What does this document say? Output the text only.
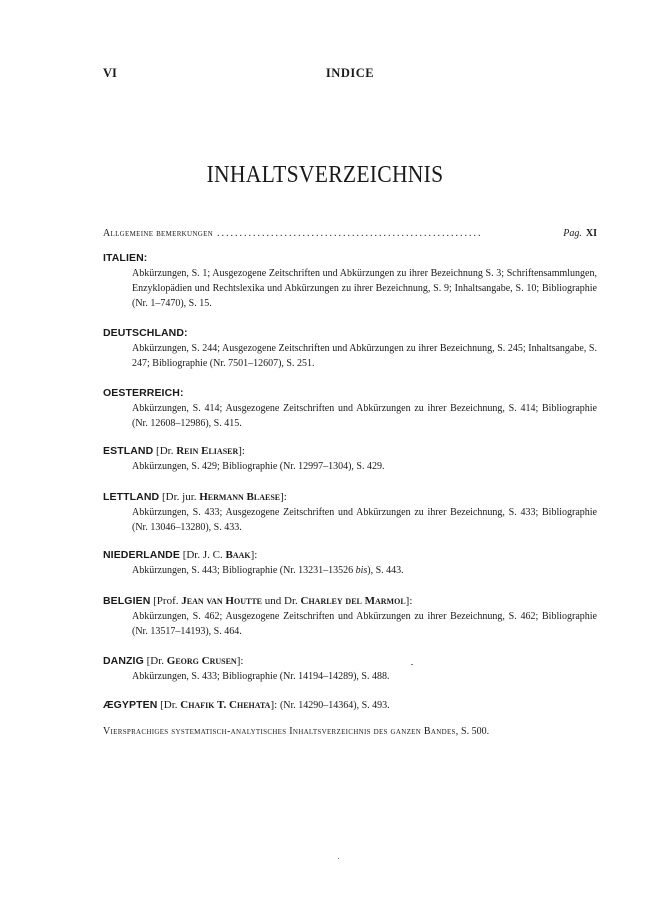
VI	INDICE
INHALTSVERZEICHNIS
Allgemeine bemerkungen ...........................................................	Pag. XI
ITALIEN:
Abkürzungen, S. 1; Ausgezogene Zeitschriften und Abkürzungen zu ihrer Bezeichnung S. 3; Schriftensammlungen, Enzyklopädien und Rechtslexika und Abkürzungen zu ihrer Bezeichnung, S. 9; Inhaltsangabe, S. 10; Bibliographie (Nr. 1–7470), S. 15.
DEUTSCHLAND:
Abkürzungen, S. 244; Ausgezogene Zeitschriften und Abkürzungen zu ihrer Bezeichnung, S. 245; Inhaltsangabe, S. 247; Bibliographie (Nr. 7501–12607), S. 251.
OESTERREICH:
Abkürzungen, S. 414; Ausgezogene Zeitschriften und Abkürzungen zu ihrer Bezeichnung, S. 414; Bibliographie (Nr. 12608–12986), S. 415.
ESTLAND [Dr. Rein Eliaser]:
Abkürzungen, S. 429; Bibliographie (Nr. 12997–1304), S. 429.
LETTLAND [Dr. jur. Hermann Blaese]:
Abkürzungen, S. 433; Ausgezogene Zeitschriften und Abkürzungen zu ihrer Bezeichnung, S. 433; Bibliographie (Nr. 13046–13280), S. 433.
NIEDERLANDE [Dr. J. C. Baak]:
Abkürzungen, S. 443; Bibliographie (Nr. 13231–13526 bis), S. 443.
BELGIEN [Prof. Jean van Houtte und Dr. Charley del Marmol]:
Abkürzungen, S. 462; Ausgezogene Zeitschriften und Abkürzungen zu ihrer Bezeichnung, S. 462; Bibliographie (Nr. 13517–14193), S. 464.
DANZIG [Dr. Georg Crusen]:
Abkürzungen, S. 433; Bibliographie (Nr. 14194–14289), S. 488.
ÆGYPTEN [Dr. Chafik T. Chehata]: (Nr. 14290–14364), S. 493.
Viersprachiges systematisch-analytisches Inhaltsverzeichnis des ganzen Bandes, S. 500.
